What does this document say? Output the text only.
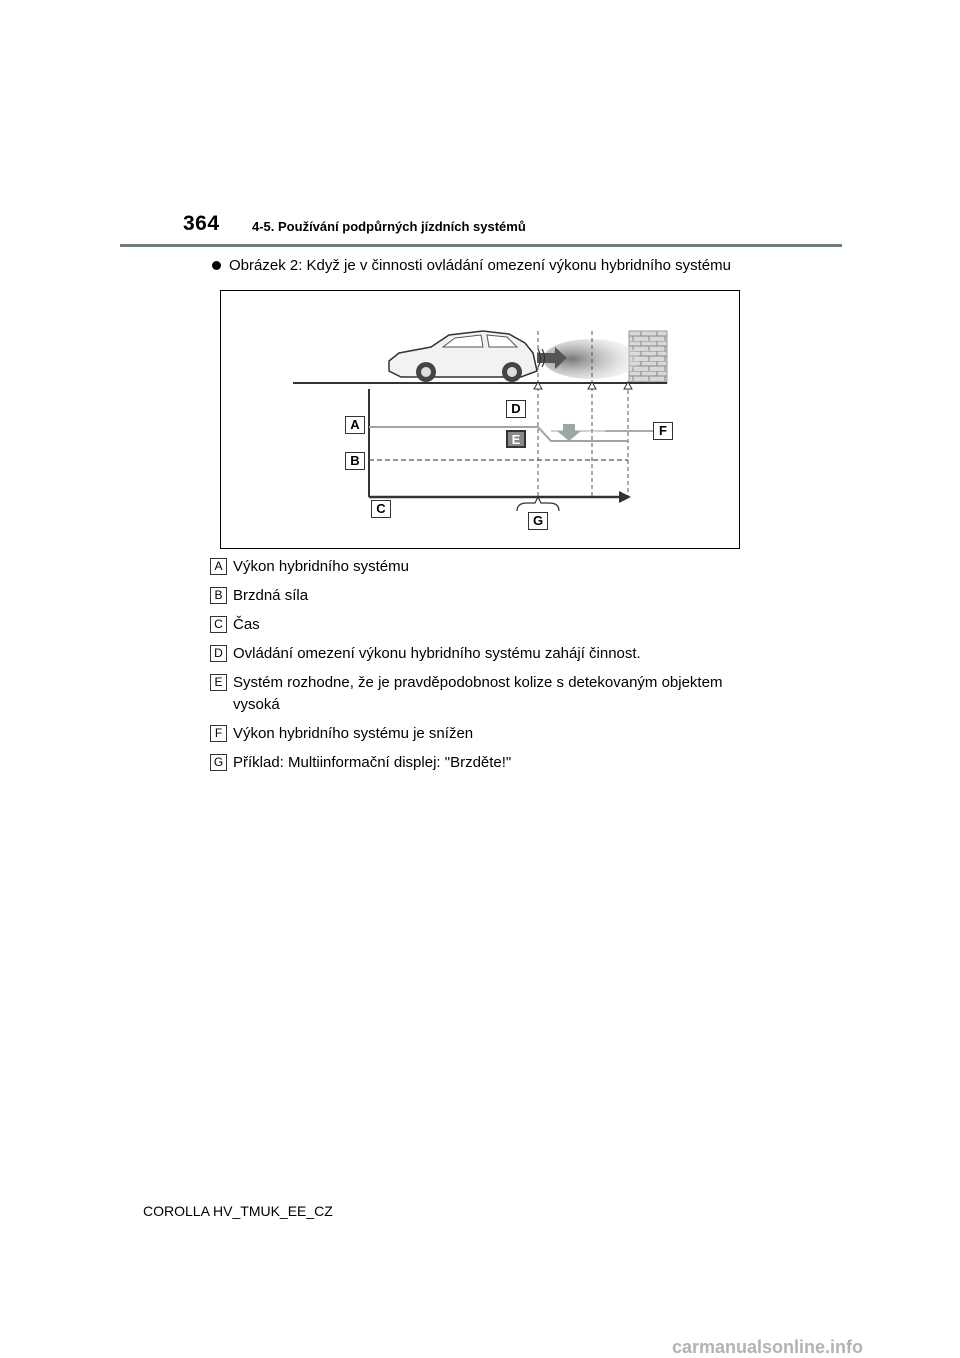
364 4-5. Používání podpůrných jízdních systémů
Obrázek 2: Když je v činnosti ovládání omezení výkonu hybridního systému
A
B
C
D
E
F
G
A Výkon hybridního systému
B Brzdná síla
C Čas
D Ovládání omezení výkonu hybridního systému zahájí činnost.
E Systém rozhodne, že je pravděpodobnost kolize s detekovaným objektem vysoká
F Výkon hybridního systému je snížen
G Příklad: Multiinformační displej: "Brzděte!"
COROLLA HV_TMUK_EE_CZ
carmanualsonline.info
